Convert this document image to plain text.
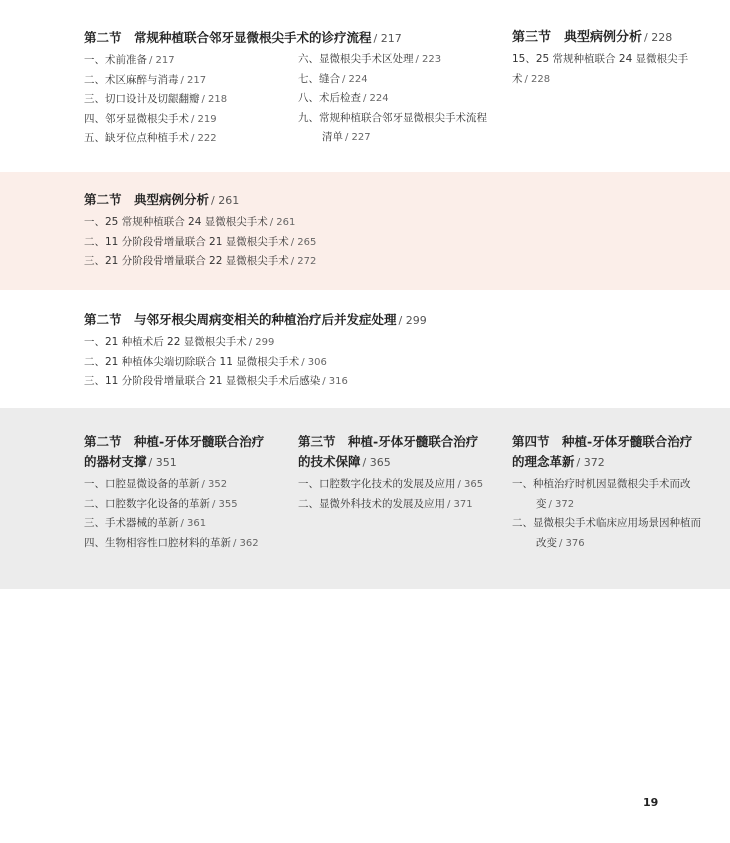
第二节　常规种植联合邻牙显微根尖手术的诊疗流程 / 217
一、术前准备 / 217
二、术区麻醉与消毒 / 217
三、切口设计及切龈翻瓣 / 218
四、邻牙显微根尖手术 / 219
五、缺牙位点种植手术 / 222
六、显微根尖手术区处理 / 223
七、缝合 / 224
八、术后检查 / 224
九、常规种植联合邻牙显微根尖手术流程清单 / 227
第三节　典型病例分析 / 228
15、25 常规种植联合 24 显微根尖手术 / 228
第二节　典型病例分析 / 261
一、25 常规种植联合 24 显微根尖手术 / 261
二、11 分阶段骨增量联合 21 显微根尖手术 / 265
三、21 分阶段骨增量联合 22 显微根尖手术 / 272
第二节　与邻牙根尖周病变相关的种植治疗后并发症处理 / 299
一、21 种植术后 22 显微根尖手术 / 299
二、21 种植体尖端切除联合 11 显微根尖手术 / 306
三、11 分阶段骨增量联合 21 显微根尖手术后感染 / 316
第二节　种植-牙体牙髓联合治疗的器材支撑 / 351
一、口腔显微设备的革新 / 352
二、口腔数字化设备的革新 / 355
三、手术器械的革新 / 361
四、生物相容性口腔材料的革新 / 362
第三节　种植-牙体牙髓联合治疗的技术保障 / 365
一、口腔数字化技术的发展及应用 / 365
二、显微外科技术的发展及应用 / 371
第四节　种植-牙体牙髓联合治疗的理念革新 / 372
一、种植治疗时机因显微根尖手术而改变 / 372
二、显微根尖手术临床应用场景因种植而改变 / 376
19
